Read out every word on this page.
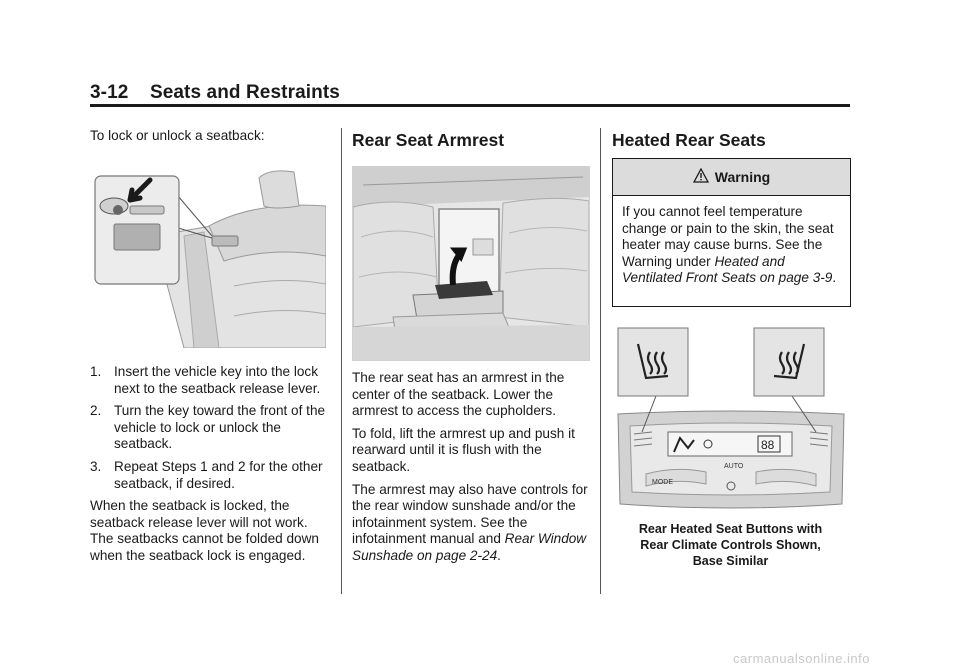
3-12 Seats and Restraints

To lock or unlock a seatback:

1. Insert the vehicle key into the lock next to the seatback release lever.
2. Turn the key toward the front of the vehicle to lock or unlock the seatback.
3. Repeat Steps 1 and 2 for the other seatback, if desired.

When the seatback is locked, the seatback release lever will not work. The seatbacks cannot be folded down when the seatback lock is engaged.

Rear Seat Armrest

The rear seat has an armrest in the center of the seatback. Lower the armrest to access the cupholders.

To fold, lift the armrest up and push it rearward until it is flush with the seatback.

The armrest may also have controls for the rear window sunshade and/or the infotainment system. See the infotainment manual and Rear Window Sunshade on page 2-24.

Heated Rear Seats
Warning
If you cannot feel temperature change or pain to the skin, the seat heater may cause burns. See the Warning under Heated and Ventilated Front Seats on page 3-9.
88
MODE
AUTO
Rear Heated Seat Buttons with
Rear Climate Controls Shown,
Base Similar
carmanualsonline.info
